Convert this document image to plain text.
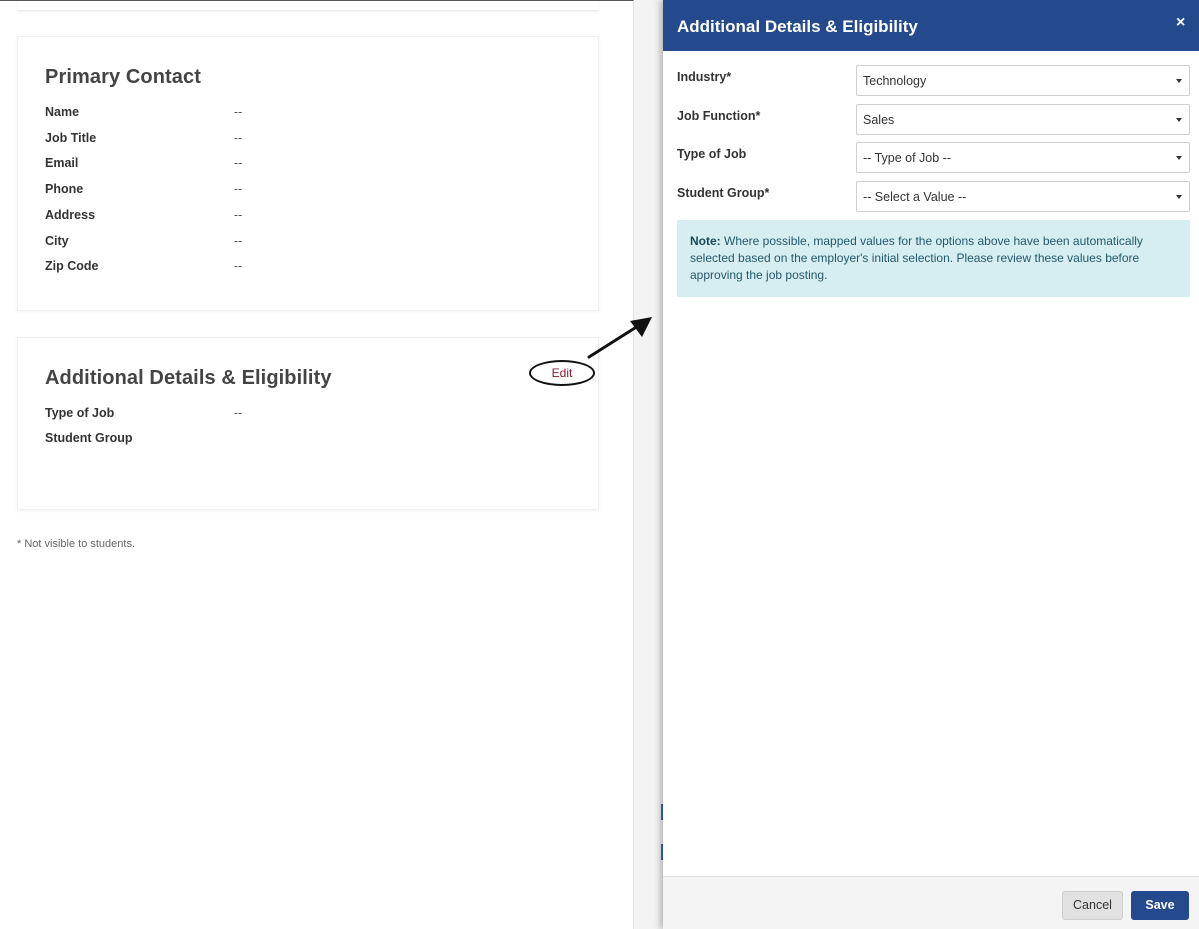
Primary Contact
Name	--
Job Title	--
Email	--
Phone	--
Address	--
City	--
Zip Code	--
Additional Details & Eligibility
Type of Job	--
Student Group
Edit
* Not visible to students.
Additional Details & Eligibility	×
Industry*	Technology
Job Function*	Sales
Type of Job	-- Type of Job --
Student Group*	-- Select a Value --
Note: Where possible, mapped values for the options above have been automatically selected based on the employer's initial selection. Please review these values before approving the job posting.
Cancel	Save
